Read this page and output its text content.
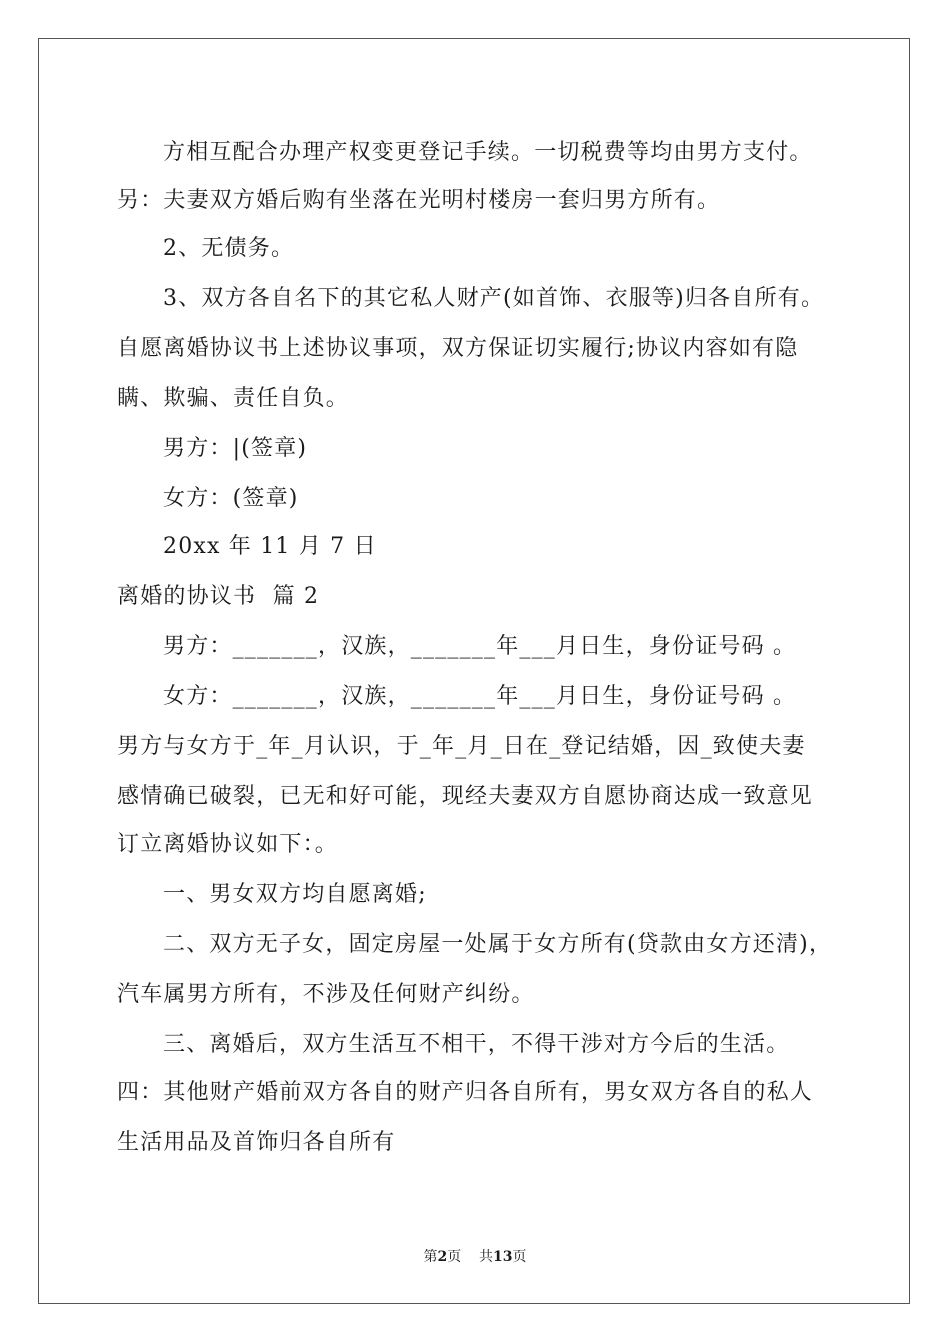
方相互配合办理产权变更登记手续。一切税费等均由男方支付。
另：夫妻双方婚后购有坐落在光明村楼房一套归男方所有。
2、无债务。
3、双方各自名下的其它私人财产(如首饰、衣服等)归各自所有。
自愿离婚协议书上述协议事项，双方保证切实履行;协议内容如有隐
瞒、欺骗、责任自负。
男方：|(签章)
女方：(签章)
20xx 年 11 月 7 日
离婚的协议书  篇 2
男方：_______，汉族，_______年___月日生，身份证号码 。
女方：_______，汉族，_______年___月日生，身份证号码 。
男方与女方于_年_月认识，于_年_月_日在_登记结婚，因_致使夫妻
感情确已破裂，已无和好可能，现经夫妻双方自愿协商达成一致意见
订立离婚协议如下：。
一、男女双方均自愿离婚;
二、双方无子女，固定房屋一处属于女方所有(贷款由女方还清)，
汽车属男方所有，不涉及任何财产纠纷。
三、离婚后，双方生活互不相干，不得干涉对方今后的生活。
四：其他财产婚前双方各自的财产归各自所有，男女双方各自的私人
生活用品及首饰归各自所有
第2页    共13页
